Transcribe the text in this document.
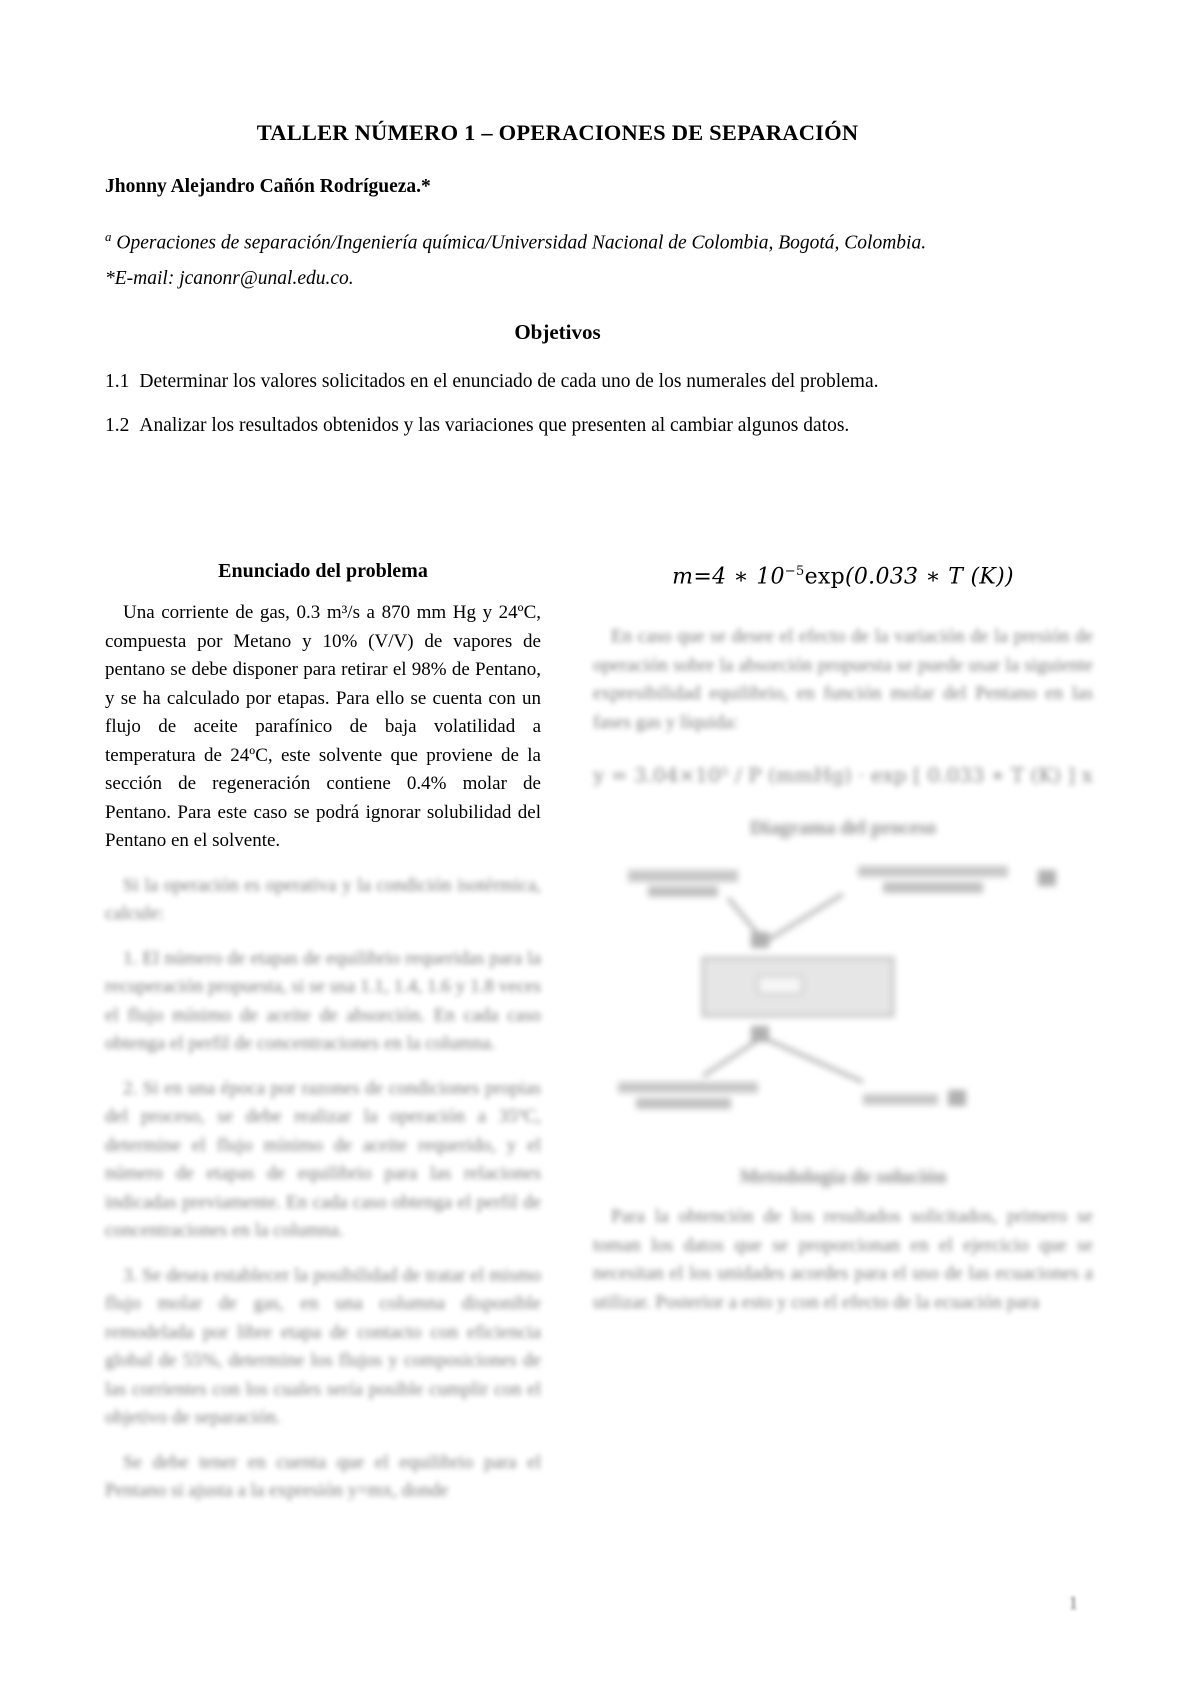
TALLER NÚMERO 1 – OPERACIONES DE SEPARACIÓN
Jhonny Alejandro Cañón Rodrígueza.*
$^a$ Operaciones de separación/Ingeniería química/Universidad Nacional de Colombia, Bogotá, Colombia.
*E-mail: jcanonr@unal.edu.co.
Objetivos
1.1 Determinar los valores solicitados en el enunciado de cada uno de los numerales del problema.
1.2 Analizar los resultados obtenidos y las variaciones que presenten al cambiar algunos datos.
Enunciado del problema
Una corriente de gas, 0.3 m³/s a 870 mm Hg y 24ºC, compuesta por Metano y 10% (V/V) de vapores de pentano se debe disponer para retirar el 98% de Pentano, y se ha calculado por etapas. Para ello se cuenta con un flujo de aceite parafínico de baja volatilidad a temperatura de 24ºC, este solvente que proviene de la sección de regeneración contiene 0.4% molar de Pentano. Para este caso se podrá ignorar solubilidad del Pentano en el solvente.
Si la operación es operativa y la condición isotérmica, calcule:
1. El número de etapas de equilibrio requeridas para la recuperación propuesta, si se usa 1.1, 1.4, 1.6 y 1.8 veces el flujo mínimo de aceite de absorción. En cada caso obtenga el perfil de concentraciones en la columna.
2. Si en una época por razones de condiciones propias del proceso, se debe realizar la operación a 35ºC, determine el flujo mínimo de aceite requerido, y el número de etapas de equilibrio para las relaciones indicadas previamente. En cada caso obtenga el perfil de concentraciones en la columna.
3. Se desea establecer la posibilidad de tratar el mismo flujo molar de gas, en una columna disponible remodelada por libre etapa de contacto con eficiencia global de 55%, determine los flujos y composiciones de las corrientes con los cuales sería posible cumplir con el objetivo de separación.
Se debe tener en cuenta que el equilibrio para el Pentano si ajusta a la expresión y=mx, donde
m=4 ∗ $10^{-5}\exp(0.033$ ∗ T (K))
En caso que se desee el efecto de la variación de la presión de operación sobre la absorción propuesta se puede usar la siguiente expresibilidad equilibrio, en función molar del Pentano en las fases gas y líquida:
y = 3.04×10⁵ / P (mmHg) · exp [ 0.033 ∗ T (K) ] x
Diagrama del proceso
Metodología de solución
Para la obtención de los resultados solicitados, primero se toman los datos que se proporcionan en el ejercicio que se necesitan el los unidades acordes para el uso de las ecuaciones a utilizar. Posterior a esto y con el efecto de la ecuación para
1
